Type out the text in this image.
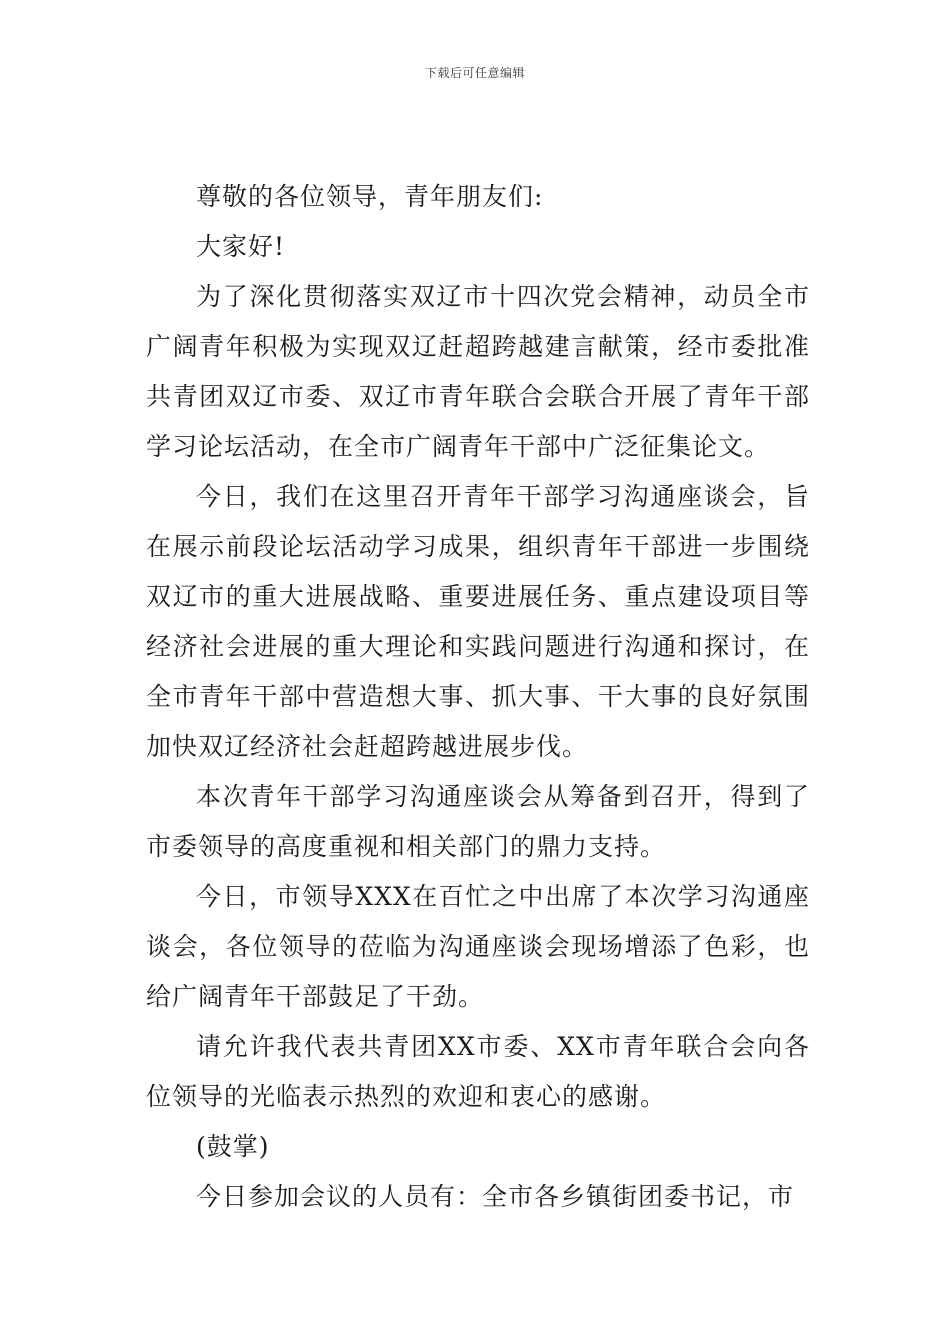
下载后可任意编辑

尊敬的各位领导，青年朋友们:

大家好!

为了深化贯彻落实双辽市十四次党会精神，动员全市广阔青年积极为实现双辽赶超跨越建言献策，经市委批准共青团双辽市委、双辽市青年联合会联合开展了青年干部学习论坛活动，在全市广阔青年干部中广泛征集论文。

今日，我们在这里召开青年干部学习沟通座谈会，旨在展示前段论坛活动学习成果，组织青年干部进一步围绕双辽市的重大进展战略、重要进展任务、重点建设项目等经济社会进展的重大理论和实践问题进行沟通和探讨，在全市青年干部中营造想大事、抓大事、干大事的良好氛围加快双辽经济社会赶超跨越进展步伐。

本次青年干部学习沟通座谈会从筹备到召开，得到了市委领导的高度重视和相关部门的鼎力支持。

今日，市领导XXX在百忙之中出席了本次学习沟通座谈会，各位领导的莅临为沟通座谈会现场增添了色彩，也给广阔青年干部鼓足了干劲。

请允许我代表共青团XX市委、XX市青年联合会向各位领导的光临表示热烈的欢迎和衷心的感谢。

(鼓掌)

今日参加会议的人员有：全市各乡镇街团委书记，市
